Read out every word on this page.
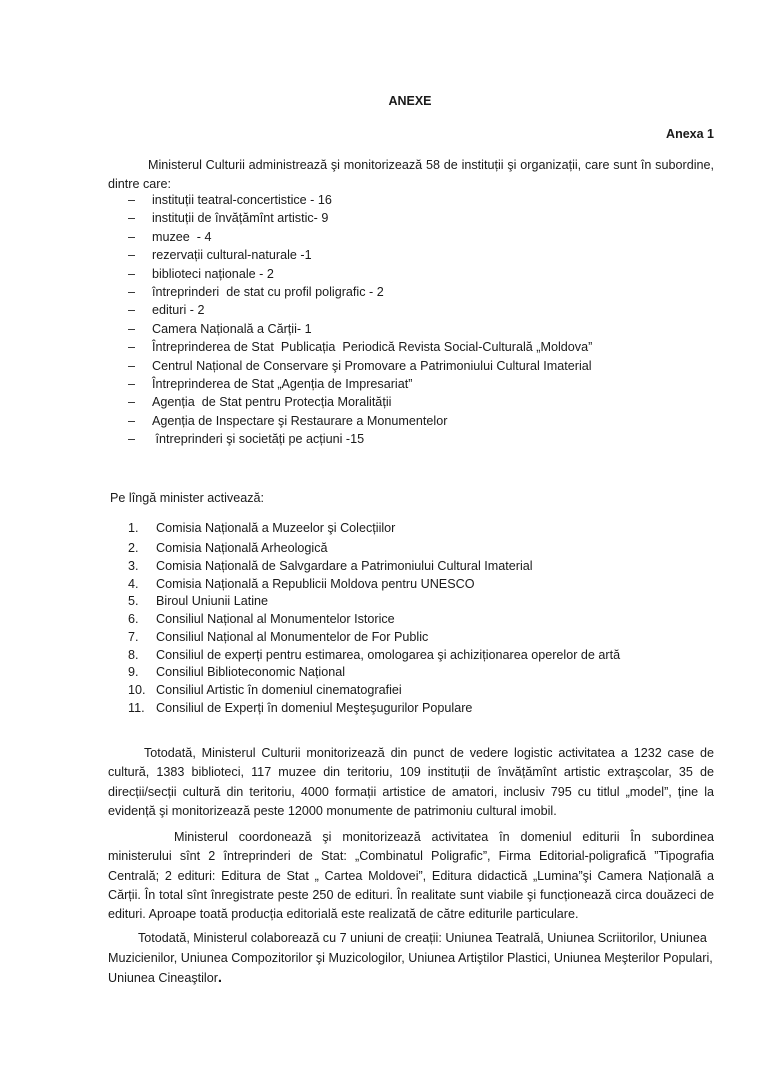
ANEXE
Anexa 1

Ministerul Culturii administrează şi monitorizează 58 de instituții şi organizații, care sunt în subordine, dintre care:

–	instituții teatral-concertistice - 16
–	instituții de învățămînt artistic- 9
–	muzee  - 4
–	rezervații cultural-naturale -1
–	biblioteci naționale - 2
–	întreprinderi  de stat cu profil poligrafic - 2
–	edituri - 2
–	Camera Națională a Cărții- 1
–	Întreprinderea de Stat  Publicația  Periodică Revista Social-Culturală „Moldova”
–	Centrul Național de Conservare şi Promovare a Patrimoniului Cultural Imaterial
–	Întreprinderea de Stat „Agenția de Impresariat”
–	Agenția  de Stat pentru Protecția Moralității
–	Agenția de Inspectare şi Restaurare a Monumentelor
–	întreprinderi şi societăți pe acțiuni -15

Pe lîngă minister activează:

1. Comisia Națională a Muzeelor şi Colecțiilor
2. Comisia Națională Arheologică
3. Comisia Națională de Salvgardare a Patrimoniului Cultural Imaterial
4. Comisia Națională a Republicii Moldova pentru UNESCO
5. Biroul Uniunii Latine
6. Consiliul Național al Monumentelor Istorice
7. Consiliul Național al Monumentelor de For Public
8. Consiliul de experți pentru estimarea, omologarea şi achiziționarea operelor de artă
9. Consiliul Biblioteconomic Național
10. Consiliul Artistic în domeniul cinematografiei
11. Consiliul de Experți în domeniul Meşteşugurilor Populare

Totodată, Ministerul Culturii monitorizează din punct de vedere logistic activitatea a 1232 case de cultură, 1383 biblioteci, 117 muzee din teritoriu, 109 instituții de învățămînt artistic extraşcolar, 35 de direcții/secții cultură din teritoriu, 4000 formații artistice de amatori, inclusiv 795 cu titlul „model”, ține la evidență şi monitorizează peste 12000 monumente de patrimoniu cultural imobil.

Ministerul coordonează şi monitorizează activitatea în domeniul editurii În subordinea ministerului sînt 2 întreprinderi de Stat: „Combinatul Poligrafic”, Firma Editorial-poligrafică ”Tipografia Centrală; 2 edituri: Editura de Stat „ Cartea Moldovei”, Editura didactică „Lumina”şi Camera Națională a Cărții. În total sînt înregistrate peste 250 de edituri. În realitate sunt viabile şi funcționează circa douăzeci de edituri. Aproape toată producția editorială este realizată de către editurile particulare.

Totodată, Ministerul colaborează cu 7 uniuni de creații: Uniunea Teatrală, Uniunea Scriitorilor, Uniunea Muzicienilor, Uniunea Compozitorilor şi Muzicologilor, Uniunea Artiştilor Plastici, Uniunea Meşterilor Populari, Uniunea Cineaştilor.
